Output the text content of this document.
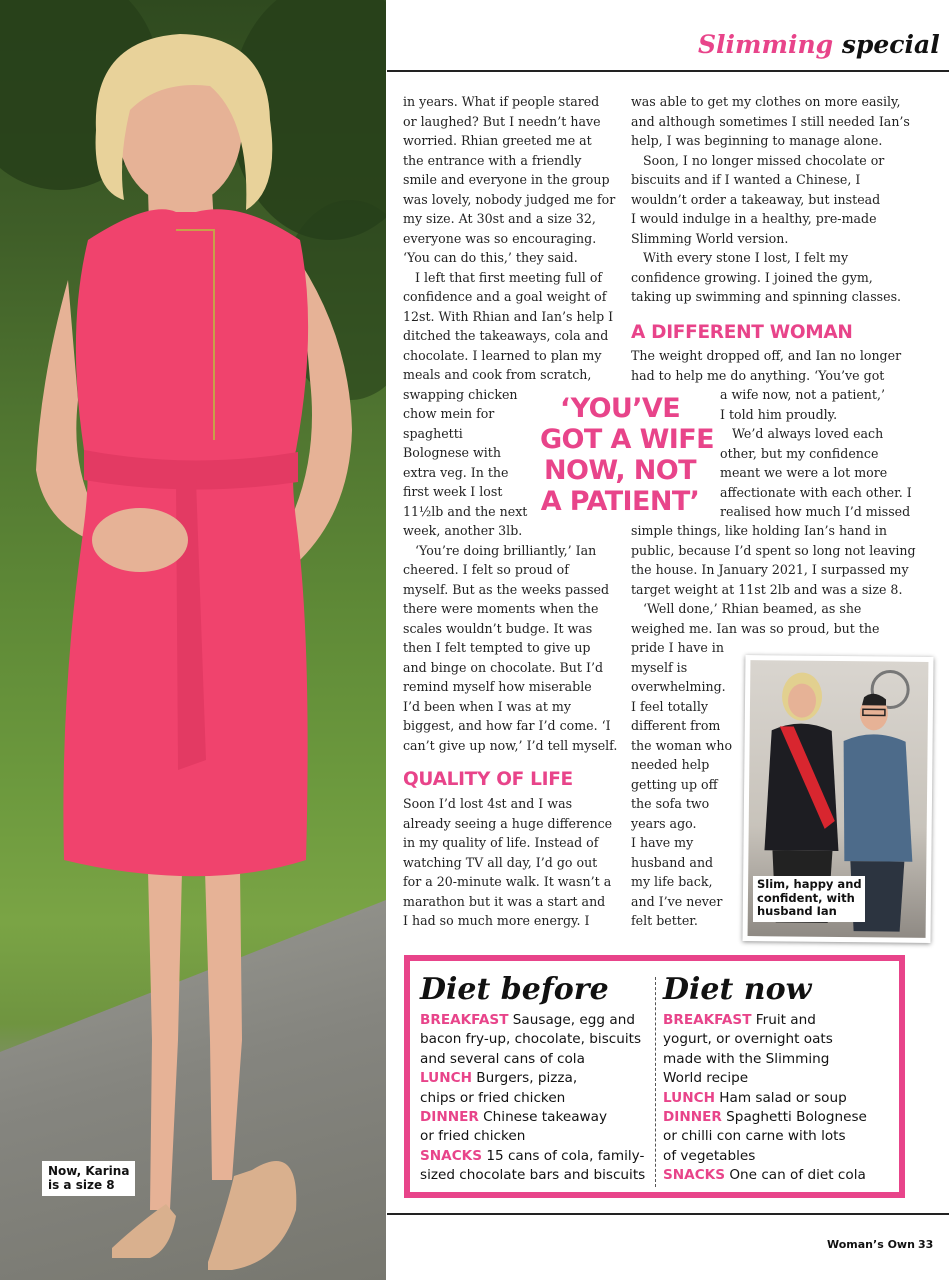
Now, Karina
is a size 8
Slimming special

in years. What if people stared

or laughed? But I needn’t have

worried. Rhian greeted me at

the entrance with a friendly

smile and everyone in the group

was lovely, nobody judged me for

my size. At 30st and a size 32,

everyone was so encouraging.

‘You can do this,’ they said.

I left that first meeting full of

confidence and a goal weight of

12st. With Rhian and Ian’s help I

ditched the takeaways, cola and

chocolate. I learned to plan my

meals and cook from scratch,

swapping chicken

chow mein for

spaghetti

Bolognese with

extra veg. In the

first week I lost

11½lb and the next

week, another 3lb.

‘You’re doing brilliantly,’ Ian

cheered. I felt so proud of

myself. But as the weeks passed

there were moments when the

scales wouldn’t budge. It was

then I felt tempted to give up

and binge on chocolate. But I’d

remind myself how miserable

I’d been when I was at my

biggest, and how far I’d come. ‘I

can’t give up now,’ I’d tell myself.

QUALITY OF LIFE

Soon I’d lost 4st and I was

already seeing a huge difference

in my quality of life. Instead of

watching TV all day, I’d go out

for a 20-minute walk. It wasn’t a

marathon but it was a start and

I had so much more energy. I

was able to get my clothes on more easily,

and although sometimes I still needed Ian’s

help, I was beginning to manage alone.

Soon, I no longer missed chocolate or

biscuits and if I wanted a Chinese, I

wouldn’t order a takeaway, but instead

I would indulge in a healthy, pre-made

Slimming World version.

With every stone I lost, I felt my

confidence growing. I joined the gym,

taking up swimming and spinning classes.

A DIFFERENT WOMAN

The weight dropped off, and Ian no longer

had to help me do anything. ‘You’ve got

a wife now, not a patient,’

I told him proudly.

We’d always loved each

other, but my confidence

meant we were a lot more

affectionate with each other. I

realised how much I’d missed

simple things, like holding Ian’s hand in

public, because I’d spent so long not leaving

the house. In January 2021, I surpassed my

target weight at 11st 2lb and was a size 8.

‘Well done,’ Rhian beamed, as she

weighed me. Ian was so proud, but the

pride I have in

myself is

overwhelming.

I feel totally

different from

the woman who

needed help

getting up off

the sofa two

years ago.

I have my

husband and

my life back,

and I’ve never

felt better.

‘YOU’VE
GOT A WIFE
NOW, NOT
A PATIENT’
Slim, happy and
confident, with
husband Ian
Diet before

BREAKFAST Sausage, egg and

bacon fry-up, chocolate, biscuits

and several cans of cola

LUNCH Burgers, pizza,

chips or fried chicken

DINNER Chinese takeaway

or fried chicken

SNACKS 15 cans of cola, family-

sized chocolate bars and biscuits

Diet now

BREAKFAST Fruit and

yogurt, or overnight oats

made with the Slimming

World recipe

LUNCH Ham salad or soup

DINNER Spaghetti Bolognese

or chilli con carne with lots

of vegetables

SNACKS One can of diet cola

Woman’s Own 33
